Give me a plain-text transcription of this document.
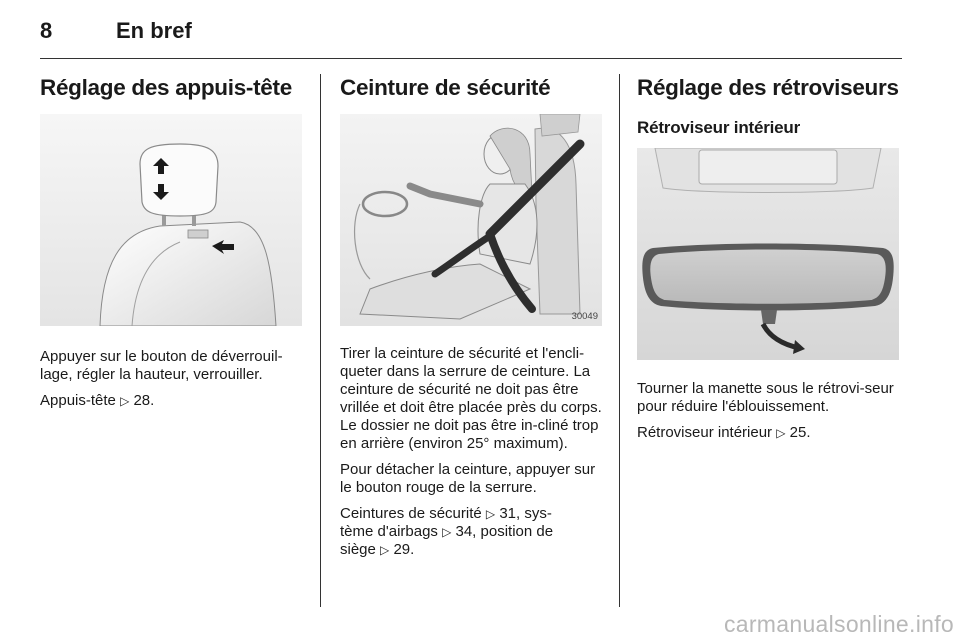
8	En bref
Réglage des appuis-tête

Appuyer sur le bouton de déverrouil-lage, régler la hauteur, verrouiller.

Appuis-tête ▷ 28.

Ceinture de sécurité
30049

Tirer la ceinture de sécurité et l'encli-queter dans la serrure de ceinture. La ceinture de sécurité ne doit pas être vrillée et doit être placée près du corps. Le dossier ne doit pas être in-cliné trop en arrière (environ 25° maximum).

Pour détacher la ceinture, appuyer sur le bouton rouge de la serrure.

Ceintures de sécurité ▷ 31, sys-
tème d'airbags ▷ 34, position de
siège ▷ 29.

Réglage des rétroviseurs
Rétroviseur intérieur

Tourner la manette sous le rétrovi-seur pour réduire l'éblouissement.

Rétroviseur intérieur ▷ 25.

carmanualsonline.info
